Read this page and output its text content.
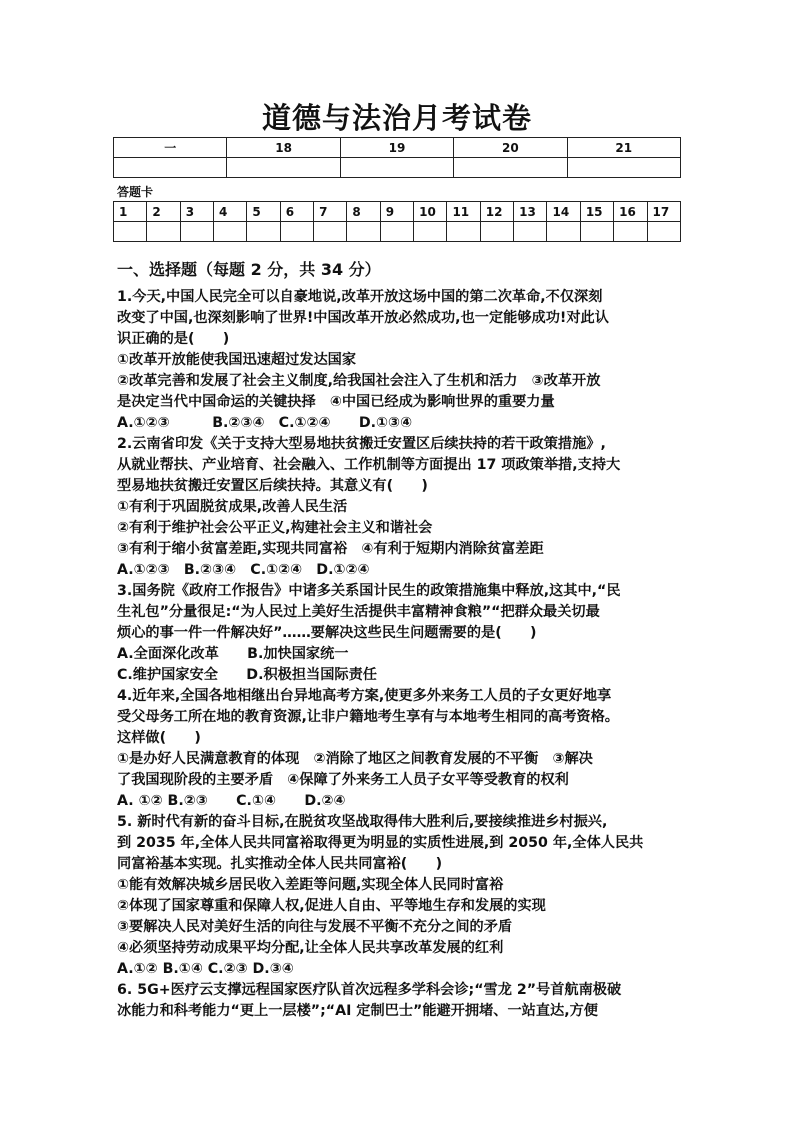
道德与法治月考试卷
一	18	19	20	21

答题卡
1	2	3	4	5	6	7	8	9	10	11	12	13	14	15	16	17

一、选择题（每题 2 分，共 34 分）

1.今天,中国人民完全可以自豪地说,改革开放这场中国的第二次革命,不仅深刻

改变了中国,也深刻影响了世界!中国改革开放必然成功,也一定能够成功!对此认

识正确的是(　　)

①改革开放能使我国迅速超过发达国家

②改革完善和发展了社会主义制度,给我国社会注入了生机和活力　③改革开放

是决定当代中国命运的关键抉择　④中国已经成为影响世界的重要力量

A.①②③　　　B.②③④　C.①②④　　D.①③④

2.云南省印发《关于支持大型易地扶贫搬迁安置区后续扶持的若干政策措施》,

从就业帮扶、产业培育、社会融入、工作机制等方面提出 17 项政策举措,支持大

型易地扶贫搬迁安置区后续扶持。其意义有(　　)

①有利于巩固脱贫成果,改善人民生活

②有利于维护社会公平正义,构建社会主义和谐社会

③有利于缩小贫富差距,实现共同富裕　④有利于短期内消除贫富差距

A.①②③　B.②③④　C.①②④　D.①②④

3.国务院《政府工作报告》中诸多关系国计民生的政策措施集中释放,这其中,“民

生礼包”分量很足:“为人民过上美好生活提供丰富精神食粮”“把群众最关切最

烦心的事一件一件解决好”……要解决这些民生问题需要的是(　　)

A.全面深化改革　　B.加快国家统一

C.维护国家安全　　D.积极担当国际责任

4.近年来,全国各地相继出台异地高考方案,使更多外来务工人员的子女更好地享

受父母务工所在地的教育资源,让非户籍地考生享有与本地考生相同的高考资格。

这样做(　　)

①是办好人民满意教育的体现　②消除了地区之间教育发展的不平衡　③解决

了我国现阶段的主要矛盾　④保障了外来务工人员子女平等受教育的权利

A. ①② B.②③　　C.①④　　D.②④

5. 新时代有新的奋斗目标,在脱贫攻坚战取得伟大胜利后,要接续推进乡村振兴,

到 2035 年,全体人民共同富裕取得更为明显的实质性进展,到 2050 年,全体人民共

同富裕基本实现。扎实推动全体人民共同富裕(　　)

①能有效解决城乡居民收入差距等问题,实现全体人民同时富裕

②体现了国家尊重和保障人权,促进人自由、平等地生存和发展的实现

③要解决人民对美好生活的向往与发展不平衡不充分之间的矛盾

④必须坚持劳动成果平均分配,让全体人民共享改革发展的红利

A.①② B.①④ C.②③ D.③④

6. 5G+医疗云支撑远程国家医疗队首次远程多学科会诊;“雪龙 2”号首航南极破

冰能力和科考能力“更上一层楼”;“AI 定制巴士”能避开拥堵、一站直达,方便
